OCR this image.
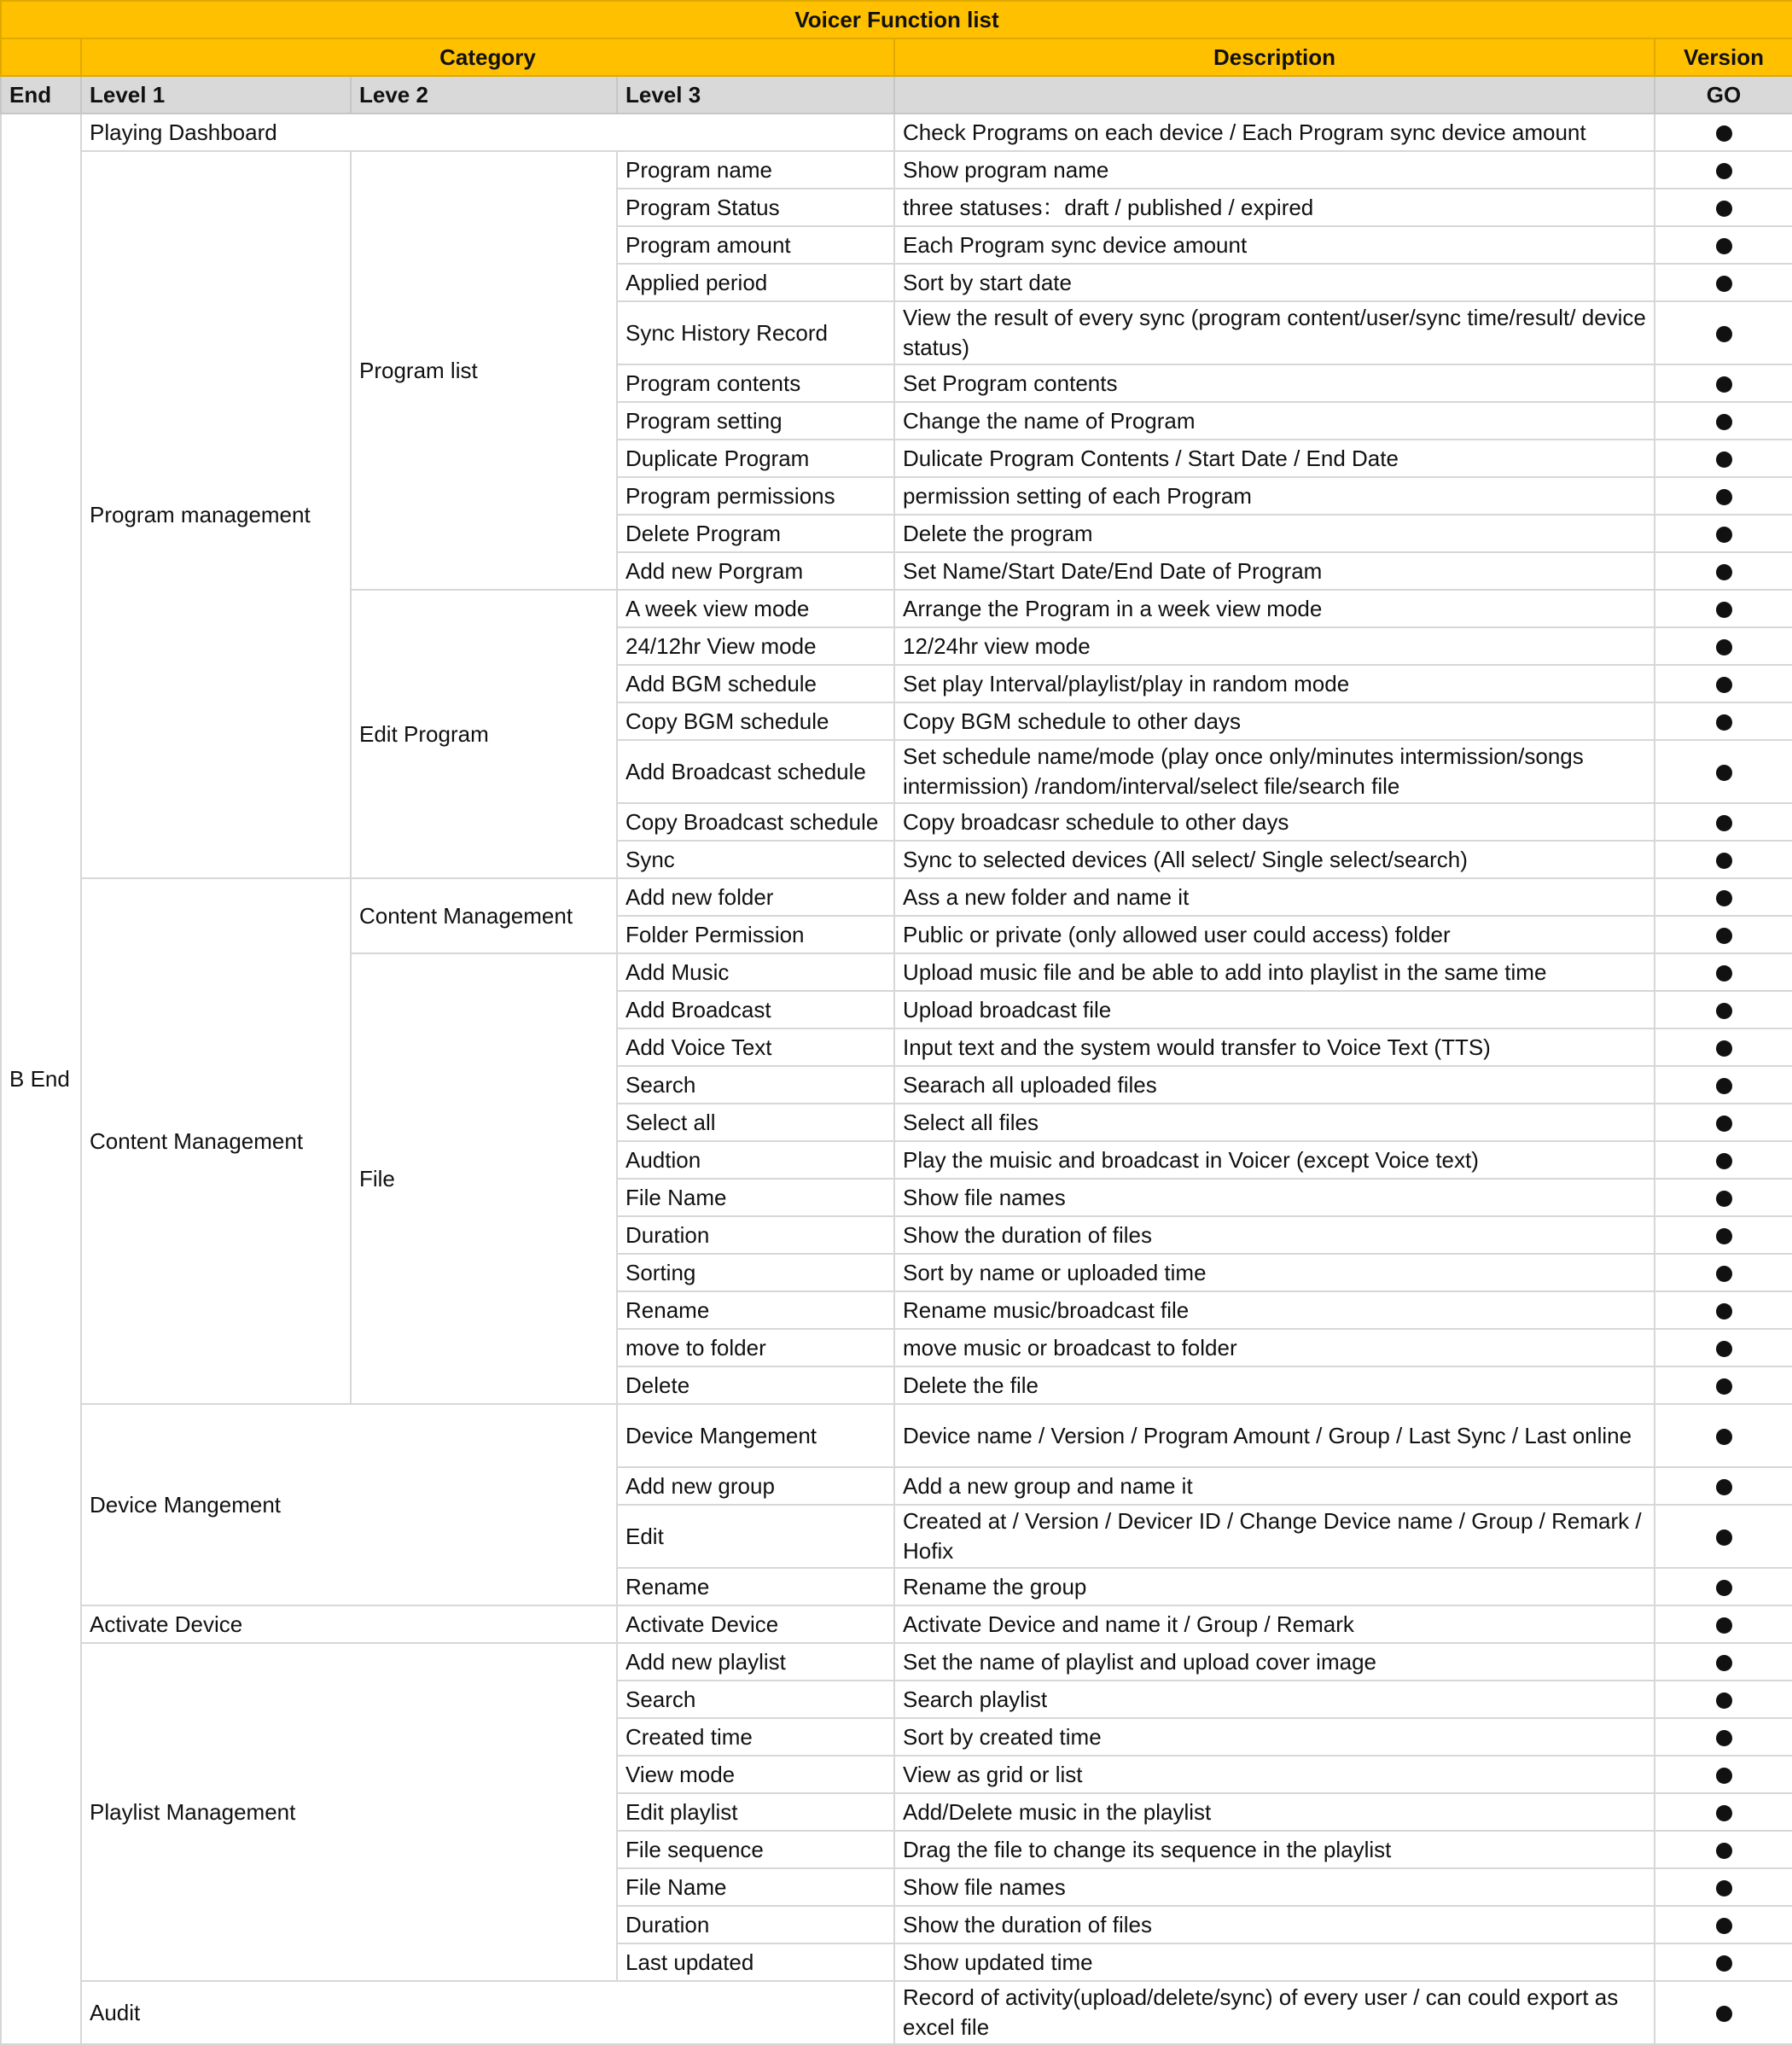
Voicer Function list					
	Category			Description	Version
End	Level 1	Leve 2	Level 3		GO
B End	Playing Dashboard			Check Programs on each device / Each Program sync device amount	
	Program management	Program list	Program name	Show program name	
			Program Status	three statuses：draft / published / expired	
			Program amount	Each Program sync device amount	
			Applied period	Sort by start date	
			Sync History Record	View the result of every sync (program content/user/sync time/result/ device status)	
			Program contents	Set Program contents	
			Program setting	Change the name of Program	
			Duplicate Program	Dulicate Program Contents / Start Date / End Date	
			Program permissions	permission setting of each Program	
			Delete Program	Delete the program	
			Add new Porgram	Set Name/Start Date/End Date of Program	
		Edit Program	A week view mode	Arrange the Program in a week view mode	
			24/12hr View mode	12/24hr view mode	
			Add BGM schedule	Set play Interval/playlist/play in random mode	
			Copy BGM schedule	Copy BGM schedule to other days	
			Add Broadcast schedule	Set schedule name/mode (play once only/minutes intermission/songs intermission) /random/interval/select file/search file	
			Copy Broadcast schedule	Copy broadcasr schedule to other days	
			Sync	Sync to selected devices (All select/ Single select/search)	
	Content Management	Content Management	Add new folder	Ass a new folder and name it	
			Folder Permission	Public or private (only allowed user could access) folder	
		File	Add Music	Upload music file and be able to add into playlist in the same time	
			Add Broadcast	Upload broadcast file	
			Add Voice Text	Input text and the system would transfer to Voice Text (TTS)	
			Search	Searach all uploaded files	
			Select all	Select all files	
			Audtion	Play the muisic and broadcast in Voicer (except Voice text)	
			File Name	Show file names	
			Duration	Show the duration of files	
			Sorting	Sort by name or uploaded time	
			Rename	Rename music/broadcast file	
			move to folder	move music or broadcast to folder	
			Delete	Delete the file	
	Device Mangement		Device Mangement	Device name / Version / Program Amount / Group / Last Sync / Last online	
			Add new group	Add a new group and name it	
			Edit	Created at / Version / Devicer ID / Change Device name / Group / Remark / Hofix	
			Rename	Rename the group	
	Activate Device		Activate Device	Activate Device and name it / Group / Remark	
	Playlist Management		Add new playlist	Set the name of playlist and upload cover image	
			Search	Search playlist	
			Created time	Sort by created time	
			View mode	View as grid or list	
			Edit playlist	Add/Delete music in the playlist	
			File sequence	Drag the file to change its sequence in the playlist	
			File Name	Show file names	
			Duration	Show the duration of files	
			Last updated	Show updated time	
	Audit			Record of activity(upload/delete/sync) of every user / can could export as excel file	
